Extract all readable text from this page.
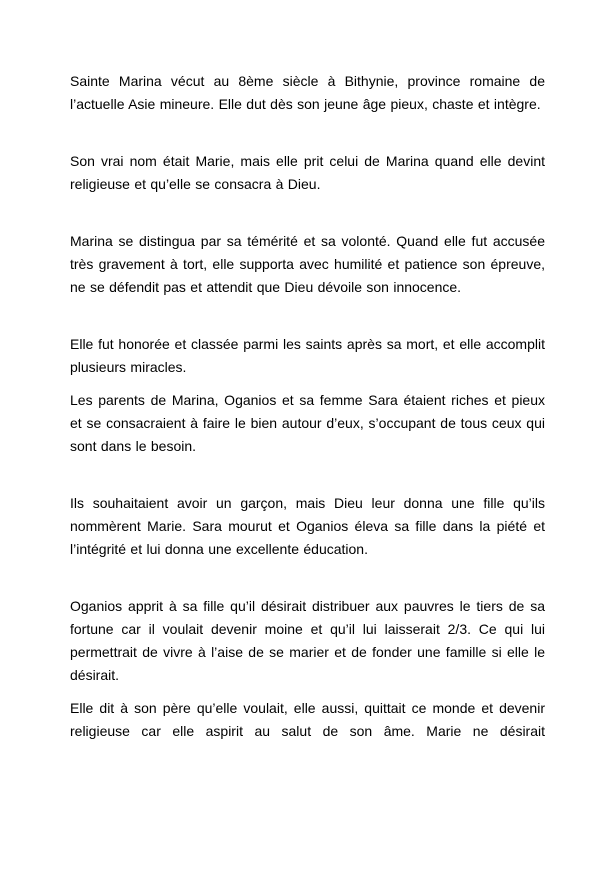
Sainte Marina vécut au 8ème siècle à Bithynie, province romaine de l’actuelle Asie mineure. Elle dut dès son jeune âge pieux, chaste et intègre.

Son vrai nom était Marie, mais elle prit celui de Marina quand elle devint religieuse et qu’elle se consacra à Dieu.

Marina se distingua par sa témérité et sa volonté. Quand elle fut accusée très gravement à tort, elle supporta avec humilité et patience son épreuve, ne se défendit pas et attendit que Dieu dévoile son innocence.

Elle fut honorée et classée parmi les saints après sa mort, et elle accomplit plusieurs miracles.

Les parents de Marina, Oganios et sa femme Sara étaient riches et pieux et se consacraient à faire le bien autour d’eux, s’occupant de tous ceux qui sont dans le besoin.

Ils souhaitaient avoir un garçon, mais Dieu leur donna une fille qu’ils nommèrent Marie. Sara mourut et Oganios éleva sa fille dans la piété et l’intégrité et lui donna une excellente éducation.

Oganios apprit à sa fille qu’il désirait distribuer aux pauvres le tiers de sa fortune car il voulait devenir moine et qu’il lui laisserait 2/3. Ce qui lui permettrait de vivre à l’aise de se marier et de fonder une famille si elle le désirait.

Elle dit à son père qu’elle voulait, elle aussi, quittait ce monde et devenir religieuse car elle aspirit au salut de son âme. Marie ne désirait
